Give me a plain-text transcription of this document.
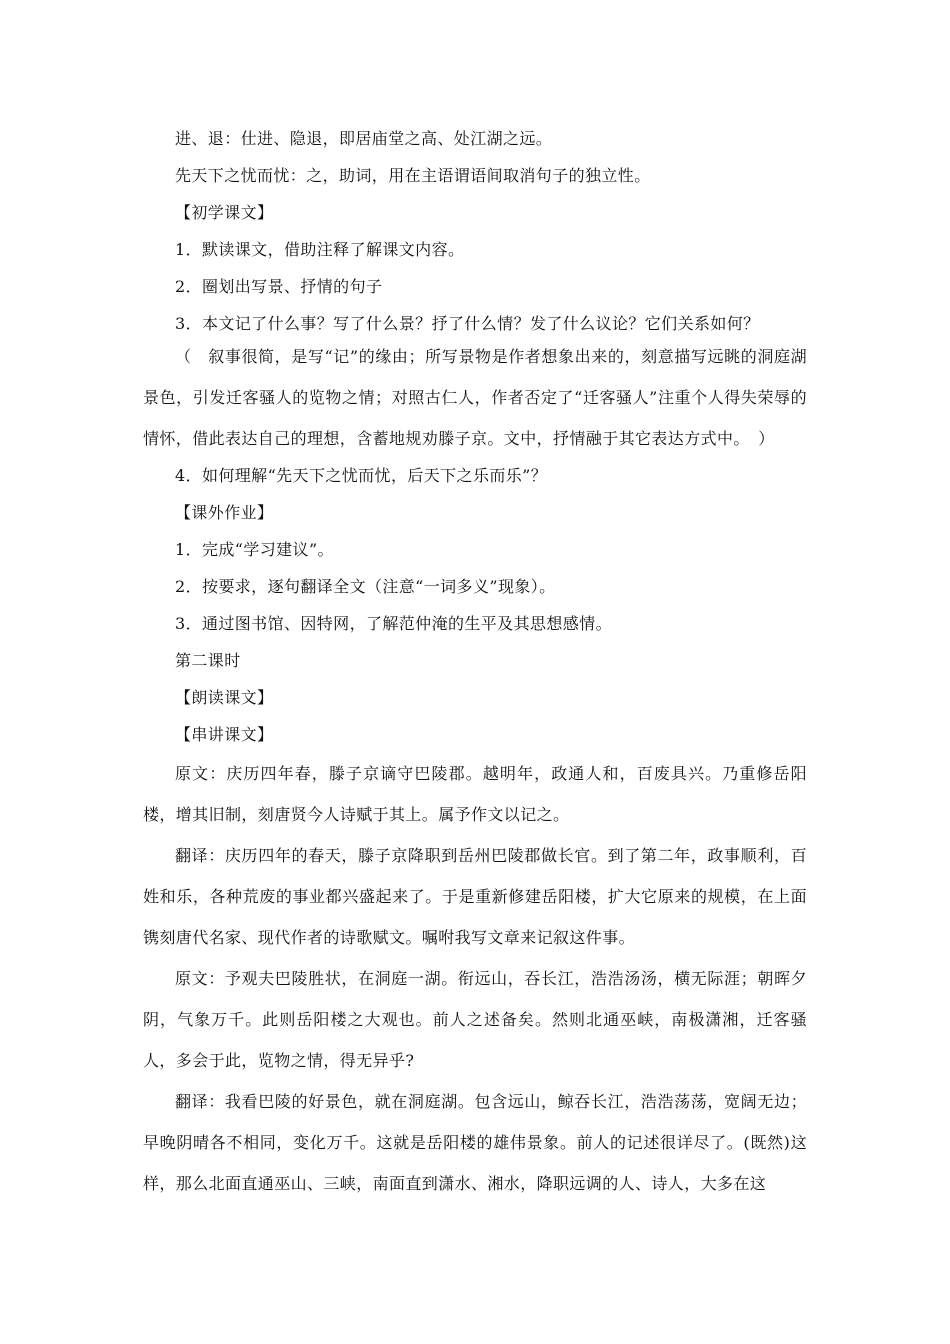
进、退：仕进、隐退，即居庙堂之高、处江湖之远。

先天下之忧而忧：之，助词，用在主语谓语间取消句子的独立性。

【初学课文】

1．默读课文，借助注释了解课文内容。

2．圈划出写景、抒情的句子

3．本文记了什么事？写了什么景？抒了什么情？发了什么议论？它们关系如何？

（　叙事很简，是写“记”的缘由；所写景物是作者想象出来的，刻意描写远眺的洞庭湖景色，引发迁客骚人的览物之情；对照古仁人，作者否定了“迁客骚人”注重个人得失荣辱的情怀，借此表达自己的理想，含蓄地规劝滕子京。文中，抒情融于其它表达方式中。　）

4．如何理解“先天下之忧而忧，后天下之乐而乐”？

【课外作业】

1．完成“学习建议”。

2．按要求，逐句翻译全文（注意“一词多义”现象）。

3．通过图书馆、因特网，了解范仲淹的生平及其思想感情。

第二课时

【朗读课文】

【串讲课文】

原文：庆历四年春，滕子京谪守巴陵郡。越明年，政通人和，百废具兴。乃重修岳阳楼，增其旧制，刻唐贤今人诗赋于其上。属予作文以记之。

翻译：庆历四年的春天，滕子京降职到岳州巴陵郡做长官。到了第二年，政事顺利，百姓和乐，各种荒废的事业都兴盛起来了。于是重新修建岳阳楼，扩大它原来的规模，在上面镌刻唐代名家、现代作者的诗歌赋文。嘱咐我写文章来记叙这件事。

原文：予观夫巴陵胜状，在洞庭一湖。衔远山，吞长江，浩浩汤汤，横无际涯；朝晖夕阴，气象万千。此则岳阳楼之大观也。前人之述备矣。然则北通巫峡，南极潇湘，迁客骚人，多会于此，览物之情，得无异乎?

翻译：我看巴陵的好景色，就在洞庭湖。包含远山，鲸吞长江，浩浩荡荡，宽阔无边；早晚阴晴各不相同，变化万千。这就是岳阳楼的雄伟景象。前人的记述很详尽了。(既然)这样，那么北面直通巫山、三峡，南面直到潇水、湘水，降职远调的人、诗人，大多在这
